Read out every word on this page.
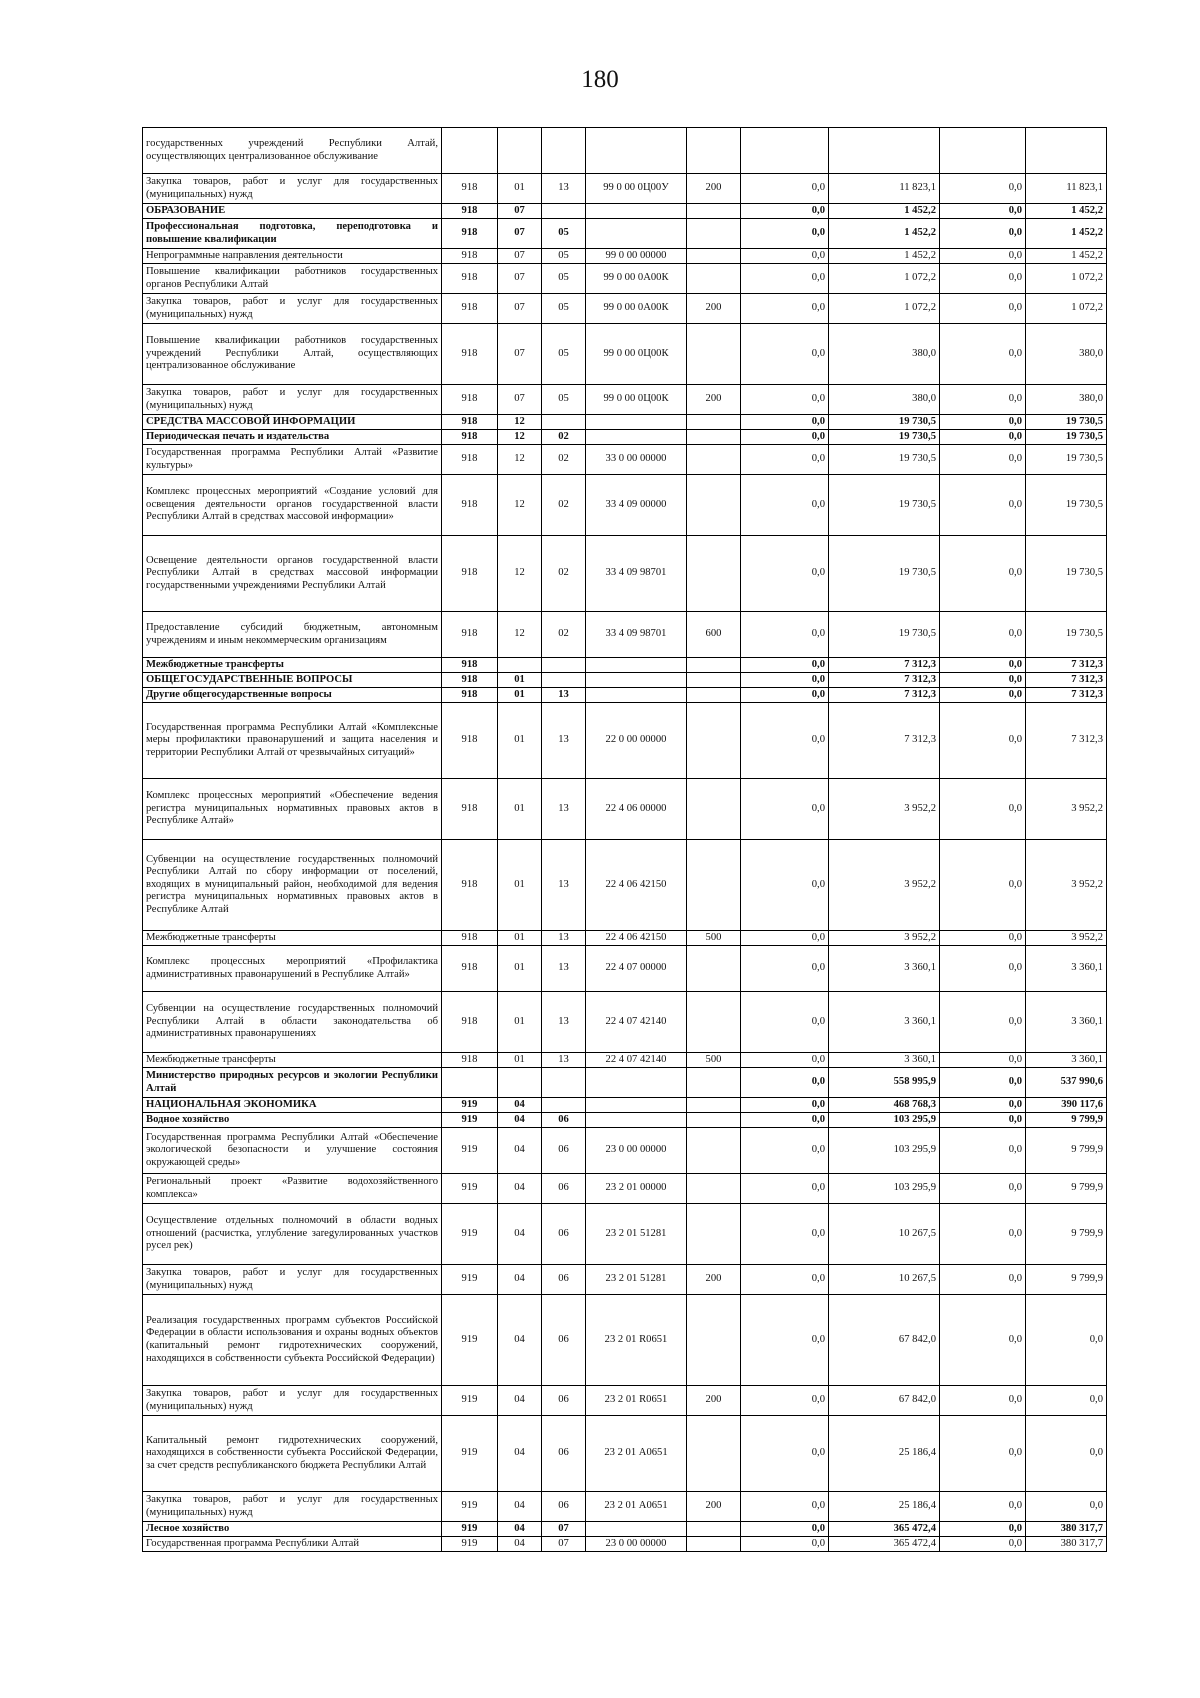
180
государственных учреждений Республики Алтай, осуществляющих централизованное обслуживание									
Закупка товаров, работ и услуг для государственных (муниципальных) нужд	918	01	13	99 0 00 0Ц00У	200	0,0	11 823,1	0,0	11 823,1
ОБРАЗОВАНИЕ	918	07				0,0	1 452,2	0,0	1 452,2
Профессиональная подготовка, переподготовка и повышение квалификации	918	07	05			0,0	1 452,2	0,0	1 452,2
Непрограммные направления деятельности	918	07	05	99 0 00 00000		0,0	1 452,2	0,0	1 452,2
Повышение квалификации работников государственных органов Республики Алтай	918	07	05	99 0 00 0А00К		0,0	1 072,2	0,0	1 072,2
Закупка товаров, работ и услуг для государственных (муниципальных) нужд	918	07	05	99 0 00 0А00К	200	0,0	1 072,2	0,0	1 072,2
Повышение квалификации работников государственных учреждений Республики Алтай, осуществляющих централизованное обслуживание	918	07	05	99 0 00 0Ц00К		0,0	380,0	0,0	380,0
Закупка товаров, работ и услуг для государственных (муниципальных) нужд	918	07	05	99 0 00 0Ц00К	200	0,0	380,0	0,0	380,0
СРЕДСТВА МАССОВОЙ ИНФОРМАЦИИ	918	12				0,0	19 730,5	0,0	19 730,5
Периодическая печать и издательства	918	12	02			0,0	19 730,5	0,0	19 730,5
Государственная программа Республики Алтай «Развитие культуры»	918	12	02	33 0 00 00000		0,0	19 730,5	0,0	19 730,5
Комплекс процессных мероприятий «Создание условий для освещения деятельности органов государственной власти Республики Алтай в средствах массовой информации»	918	12	02	33 4 09 00000		0,0	19 730,5	0,0	19 730,5
Освещение деятельности органов государственной власти Республики Алтай в средствах массовой информации государственными учреждениями Республики Алтай	918	12	02	33 4 09 98701		0,0	19 730,5	0,0	19 730,5
Предоставление субсидий бюджетным, автономным учреждениям и иным некоммерческим организациям	918	12	02	33 4 09 98701	600	0,0	19 730,5	0,0	19 730,5
Межбюджетные трансферты	918					0,0	7 312,3	0,0	7 312,3
ОБЩЕГОСУДАРСТВЕННЫЕ ВОПРОСЫ	918	01				0,0	7 312,3	0,0	7 312,3
Другие общегосударственные вопросы	918	01	13			0,0	7 312,3	0,0	7 312,3
Государственная программа Республики Алтай «Комплексные меры профилактики правонарушений и защита населения и территории Республики Алтай от чрезвычайных ситуаций»	918	01	13	22 0 00 00000		0,0	7 312,3	0,0	7 312,3
Комплекс процессных мероприятий «Обеспечение ведения регистра муниципальных нормативных правовых актов в Республике Алтай»	918	01	13	22 4 06 00000		0,0	3 952,2	0,0	3 952,2
Субвенции на осуществление государственных полномочий Республики Алтай по сбору информации от поселений, входящих в муниципальный район, необходимой для ведения регистра муниципальных нормативных правовых актов в Республике Алтай	918	01	13	22 4 06 42150		0,0	3 952,2	0,0	3 952,2
Межбюджетные трансферты	918	01	13	22 4 06 42150	500	0,0	3 952,2	0,0	3 952,2
Комплекс процессных мероприятий «Профилактика административных правонарушений в Республике Алтай»	918	01	13	22 4 07 00000		0,0	3 360,1	0,0	3 360,1
Субвенции на осуществление государственных полномочий Республики Алтай в области законодательства об административных правонарушениях	918	01	13	22 4 07 42140		0,0	3 360,1	0,0	3 360,1
Межбюджетные трансферты	918	01	13	22 4 07 42140	500	0,0	3 360,1	0,0	3 360,1
Министерство природных ресурсов и экологии Республики Алтай						0,0	558 995,9	0,0	537 990,6
НАЦИОНАЛЬНАЯ ЭКОНОМИКА	919	04				0,0	468 768,3	0,0	390 117,6
Водное хозяйство	919	04	06			0,0	103 295,9	0,0	9 799,9
Государственная программа Республики Алтай «Обеспечение экологической безопасности и улучшение состояния окружающей среды»	919	04	06	23 0 00 00000		0,0	103 295,9	0,0	9 799,9
Региональный проект «Развитие водохозяйственного комплекса»	919	04	06	23 2 01 00000		0,0	103 295,9	0,0	9 799,9
Осуществление отдельных полномочий в области водных отношений (расчистка, углубление заregулированных участков русел рек)	919	04	06	23 2 01 51281		0,0	10 267,5	0,0	9 799,9
Закупка товаров, работ и услуг для государственных (муниципальных) нужд	919	04	06	23 2 01 51281	200	0,0	10 267,5	0,0	9 799,9
Реализация государственных программ субъектов Российской Федерации в области использования и охраны водных объектов (капитальный ремонт гидротехнических сооружений, находящихся в собственности субъекта Российской Федерации)	919	04	06	23 2 01 R0651		0,0	67 842,0	0,0	0,0
Закупка товаров, работ и услуг для государственных (муниципальных) нужд	919	04	06	23 2 01 R0651	200	0,0	67 842,0	0,0	0,0
Капитальный ремонт гидротехнических сооружений, находящихся в собственности субъекта Российской Федерации, за счет средств республиканского бюджета Республики Алтай	919	04	06	23 2 01 А0651		0,0	25 186,4	0,0	0,0
Закупка товаров, работ и услуг для государственных (муниципальных) нужд	919	04	06	23 2 01 А0651	200	0,0	25 186,4	0,0	0,0
Лесное хозяйство	919	04	07			0,0	365 472,4	0,0	380 317,7
Государственная программа Республики Алтай	919	04	07	23 0 00 00000		0,0	365 472,4	0,0	380 317,7
